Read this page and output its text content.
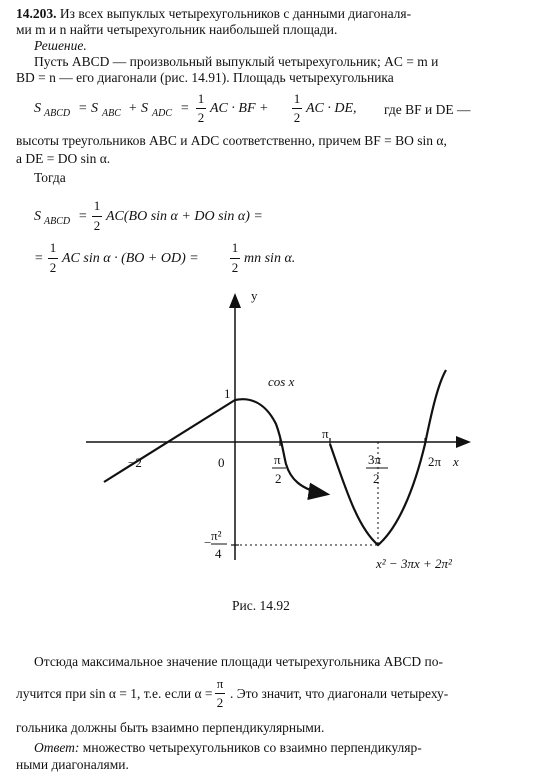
14.203. Из всех выпуклых четырехугольников с данными диагоналя-
ми m и n найти четырехугольник наибольшей площади.
Решение.
Пусть ABCD — произвольный выпуклый четырехугольник; AC = m и
BD = n — его диагонали (рис. 14.91). Площадь четырехугольника
S ABCD = S ABC + S ADC =
1
2
AC · BF +
1
2
AC · DE, где BF и DE —
высоты треугольников ABC и ADC соответственно, причем BF = BO sin α,
а DE = DO sin α.
Тогда
S ABCD =
1
2
AC(BO sin α + DO sin α) =
=
1
2
AC sin α · (BO + OD) =
1
2
mn sin α.
y
x
1
cos x
−2	0
π
π
2
3π
2
2π
− π²
4
x² − 3πx + 2π²
Рис. 14.92
Отсюда максимальное значение площади четырехугольника ABCD по-
лучится при sin α = 1, т.е. если α =
π
2
. Это значит, что диагонали четыреху-
гольника должны быть взаимно перпендикулярными.
Ответ: множество четырехугольников со взаимно перпендикуляр-
ными диагоналями.
